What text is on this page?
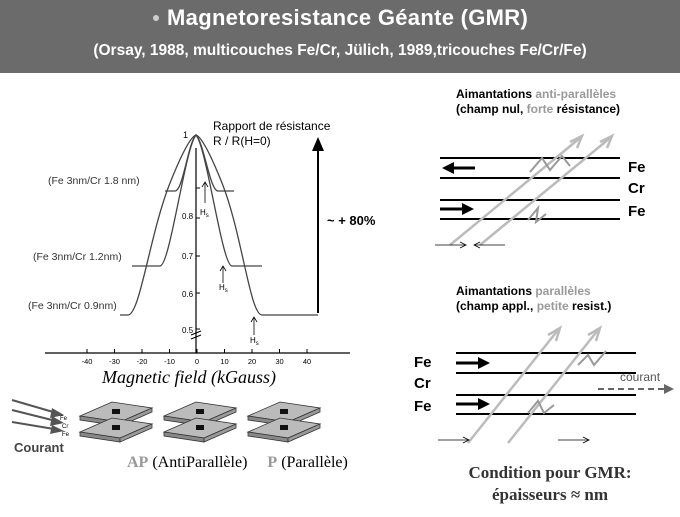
● Magnetoresistance Géante (GMR)
(Orsay, 1988, multicouches Fe/Cr, Jülich, 1989,tricouches Fe/Cr/Fe)
-40 -30 -20 -10	0	10	20	30	40
1
0.8
0.7
0.6
0.5
Rapport de résistance
R / R(H=0)
(Fe 3nm/Cr 1.8 nm)
(Fe 3nm/Cr 1.2nm)
(Fe 3nm/Cr 0.9nm)
$H_s$
$H_s$
$H_s$
~ + 80%
Magnetic field (kGauss)
Aimantations anti-parallèles
(champ nul, forte résistance)
Fe
Cr
Fe
Aimantations parallèles
(champ appl., petite resist.)
courant
Fe
Cr
Fe
Fe
Cr
Fe
Courant
AP (AntiParallèle) P (Parallèle)
Condition pour GMR:
épaisseurs ≈ nm
